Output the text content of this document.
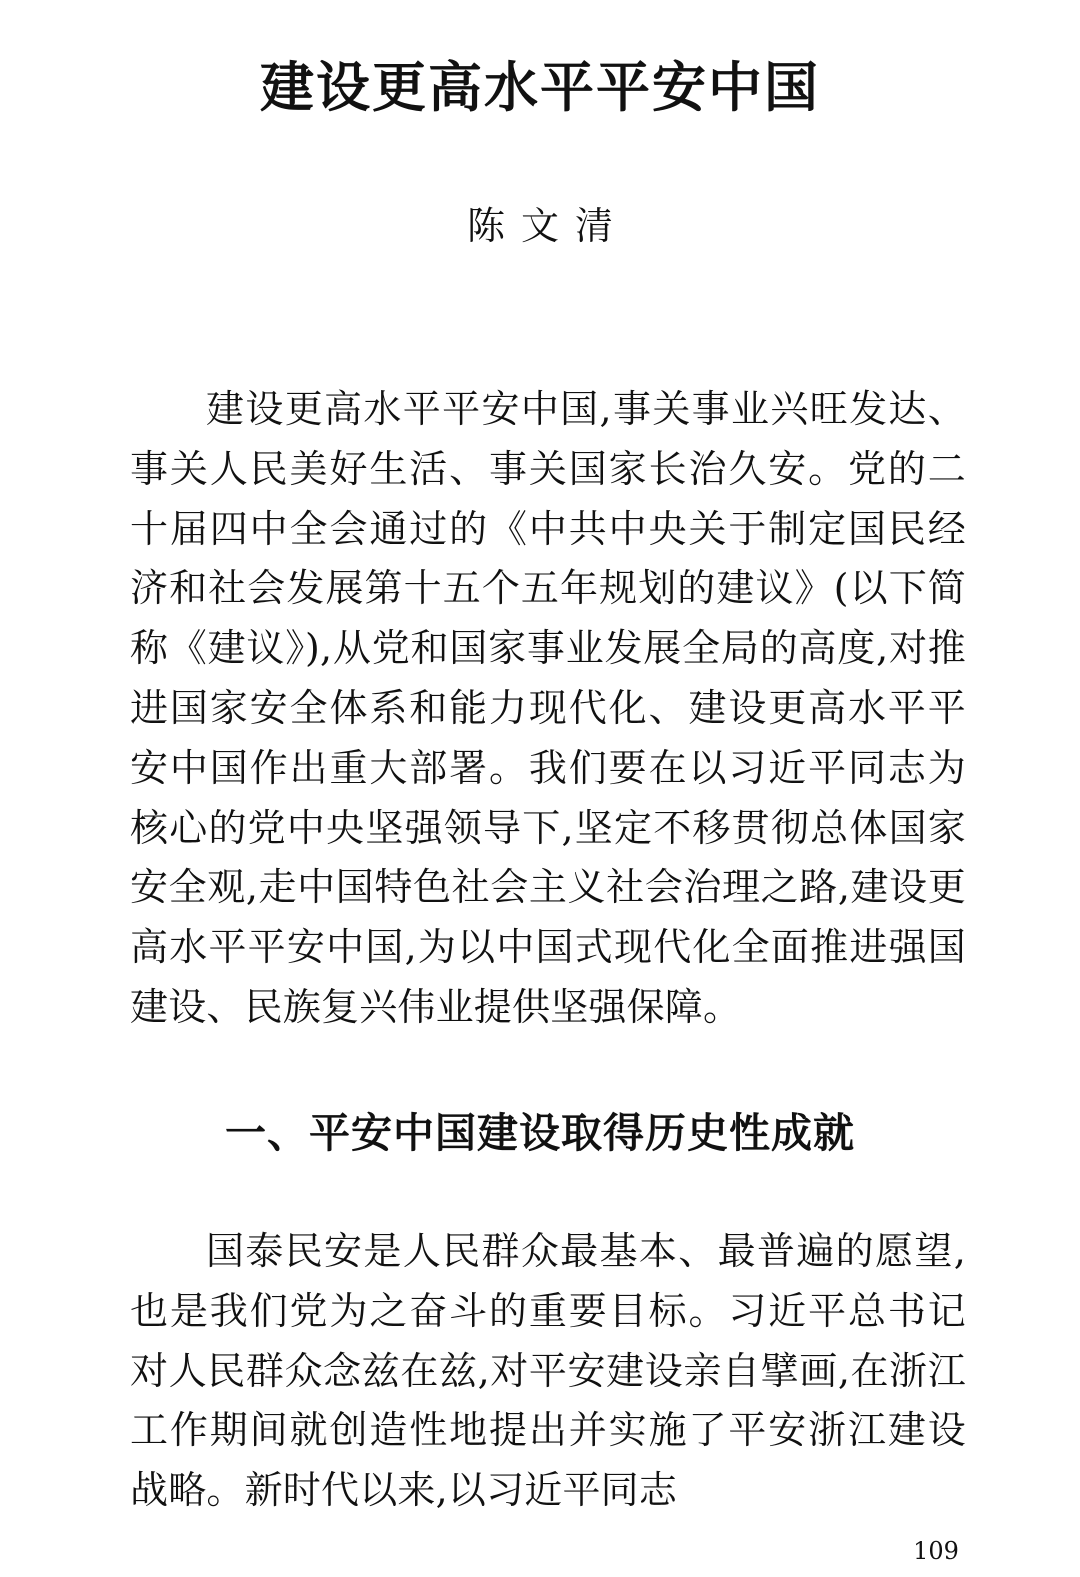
建设更高水平平安中国

陈文清

建设更高水平平安中国,事关事业兴旺发达、事关人民美好生活、事关国家长治久安。党的二十届四中全会通过的《中共中央关于制定国民经济和社会发展第十五个五年规划的建议》(以下简称《建议》),从党和国家事业发展全局的高度,对推进国家安全体系和能力现代化、建设更高水平平安中国作出重大部署。我们要在以习近平同志为核心的党中央坚强领导下,坚定不移贯彻总体国家安全观,走中国特色社会主义社会治理之路,建设更高水平平安中国,为以中国式现代化全面推进强国建设、民族复兴伟业提供坚强保障。

一、平安中国建设取得历史性成就

国泰民安是人民群众最基本、最普遍的愿望,也是我们党为之奋斗的重要目标。习近平总书记对人民群众念兹在兹,对平安建设亲自擘画,在浙江工作期间就创造性地提出并实施了平安浙江建设战略。新时代以来,以习近平同志

109
